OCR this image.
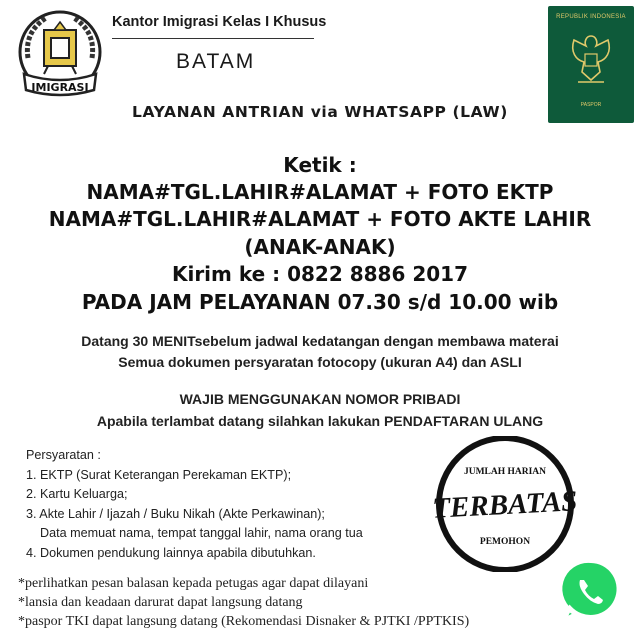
IMIGRASI
Kantor Imigrasi Kelas I Khusus
BATAM
REPUBLIK INDONESIA
PASPOR
LAYANAN ANTRIAN via WHATSAPP (LAW)
Ketik :
NAMA#TGL.LAHIR#ALAMAT + FOTO EKTP
NAMA#TGL.LAHIR#ALAMAT + FOTO AKTE LAHIR
(ANAK-ANAK)
Kirim ke : 0822 8886 2017
PADA JAM PELAYANAN 07.30 s/d 10.00 wib
Datang 30 MENITsebelum jadwal kedatangan dengan membawa materai
Semua dokumen persyaratan fotocopy (ukuran A4) dan ASLI
WAJIB MENGGUNAKAN NOMOR PRIBADI
Apabila terlambat datang silahkan lakukan PENDAFTARAN ULANG
Persyaratan :
1. EKTP (Surat Keterangan Perekaman EKTP);
2. Kartu Keluarga;
3. Akte Lahir / Ijazah / Buku Nikah (Akte Perkawinan);
Data memuat nama, tempat tanggal lahir, nama orang tua
4. Dokumen pendukung lainnya apabila dibutuhkan.
JUMLAH HARIAN
TERBATAS
PEMOHON
*perlihatkan pesan balasan kepada petugas agar dapat dilayani
*lansia dan keadaan darurat dapat langsung datang
*paspor TKI dapat langsung datang (Rekomendasi Disnaker & PJTKI /PPTKIS)
